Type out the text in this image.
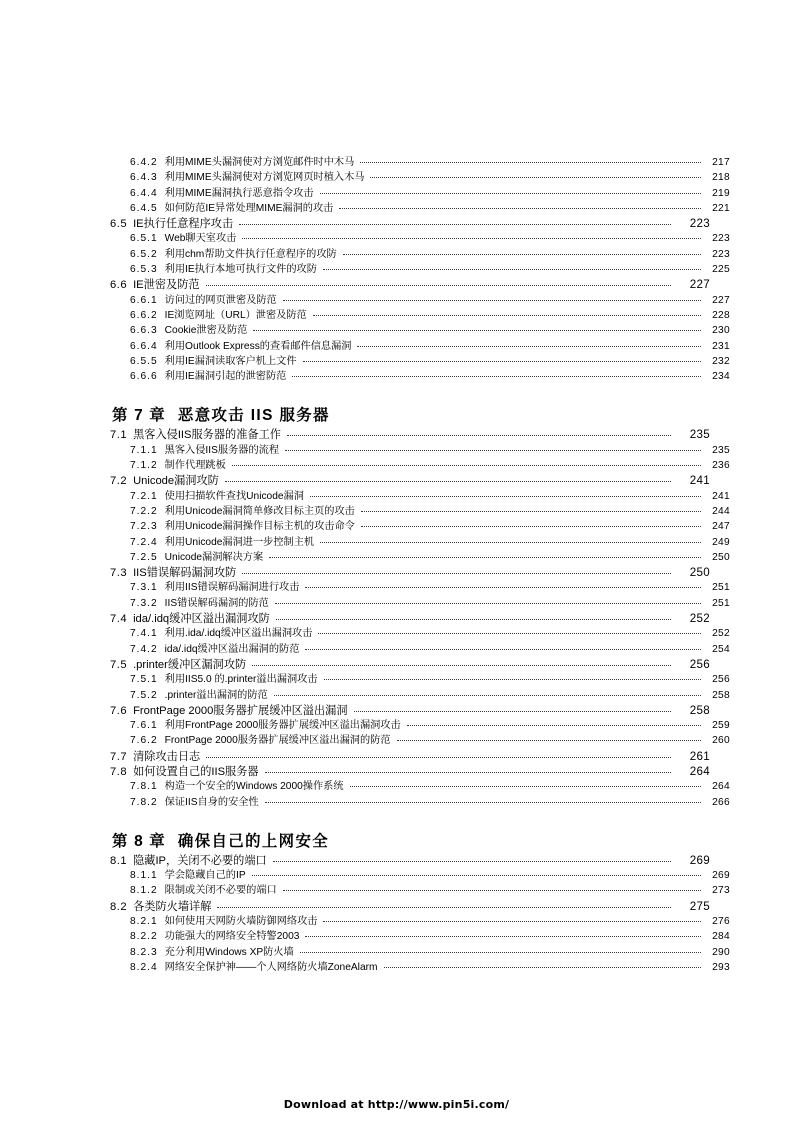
6.4.2 利用MIME头漏洞使对方浏览邮件时中木马	217
6.4.3 利用MIME头漏洞使对方浏览网页时植入木马	218
6.4.4 利用MIME漏洞执行恶意指令攻击	219
6.4.5 如何防范IE异常处理MIME漏洞的攻击	221
6.5 IE执行任意程序攻击	223
6.5.1 Web聊天室攻击	223
6.5.2 利用chm帮助文件执行任意程序的攻防	223
6.5.3 利用IE执行本地可执行文件的攻防	225
6.6 IE泄密及防范	227
6.6.1 访问过的网页泄密及防范	227
6.6.2 IE浏览网址（URL）泄密及防范	228
6.6.3 Cookie泄密及防范	230
6.6.4 利用Outlook Express的查看邮件信息漏洞	231
6.5.5 利用IE漏洞读取客户机上文件	232
6.6.6 利用IE漏洞引起的泄密防范	234
第 7 章 恶意攻击 IIS 服务器
7.1 黑客入侵IIS服务器的准备工作	235
7.1.1 黑客入侵IIS服务器的流程	235
7.1.2 制作代理跳板	236
7.2 Unicode漏洞攻防	241
7.2.1 使用扫描软件查找Unicode漏洞	241
7.2.2 利用Unicode漏洞简单修改目标主页的攻击	244
7.2.3 利用Unicode漏洞操作目标主机的攻击命令	247
7.2.4 利用Unicode漏洞进一步控制主机	249
7.2.5 Unicode漏洞解决方案	250
7.3 IIS错误解码漏洞攻防	250
7.3.1 利用IIS错误解码漏洞进行攻击	251
7.3.2 IIS错误解码漏洞的防范	251
7.4 ida/.idq缓冲区溢出漏洞攻防	252
7.4.1 利用.ida/.idq缓冲区溢出漏洞攻击	252
7.4.2 ida/.idq缓冲区溢出漏洞的防范	254
7.5 .printer缓冲区漏洞攻防	256
7.5.1 利用IIS5.0 的.printer溢出漏洞攻击	256
7.5.2 .printer溢出漏洞的防范	258
7.6 FrontPage 2000服务器扩展缓冲区溢出漏洞	258
7.6.1 利用FrontPage 2000服务器扩展缓冲区溢出漏洞攻击	259
7.6.2 FrontPage 2000服务器扩展缓冲区溢出漏洞的防范	260
7.7 清除攻击日志	261
7.8 如何设置自己的IIS服务器	264
7.8.1 构造一个安全的Windows 2000操作系统	264
7.8.2 保证IIS自身的安全性	266
第 8 章 确保自己的上网安全
8.1 隐藏IP，关闭不必要的端口	269
8.1.1 学会隐藏自己的IP	269
8.1.2 限制或关闭不必要的端口	273
8.2 各类防火墙详解	275
8.2.1 如何使用天网防火墙防御网络攻击	276
8.2.2 功能强大的网络安全特警2003	284
8.2.3 充分利用Windows XP防火墙	290
8.2.4 网络安全保护神——个人网络防火墙ZoneAlarm	293
Download at http://www.pin5i.com/
